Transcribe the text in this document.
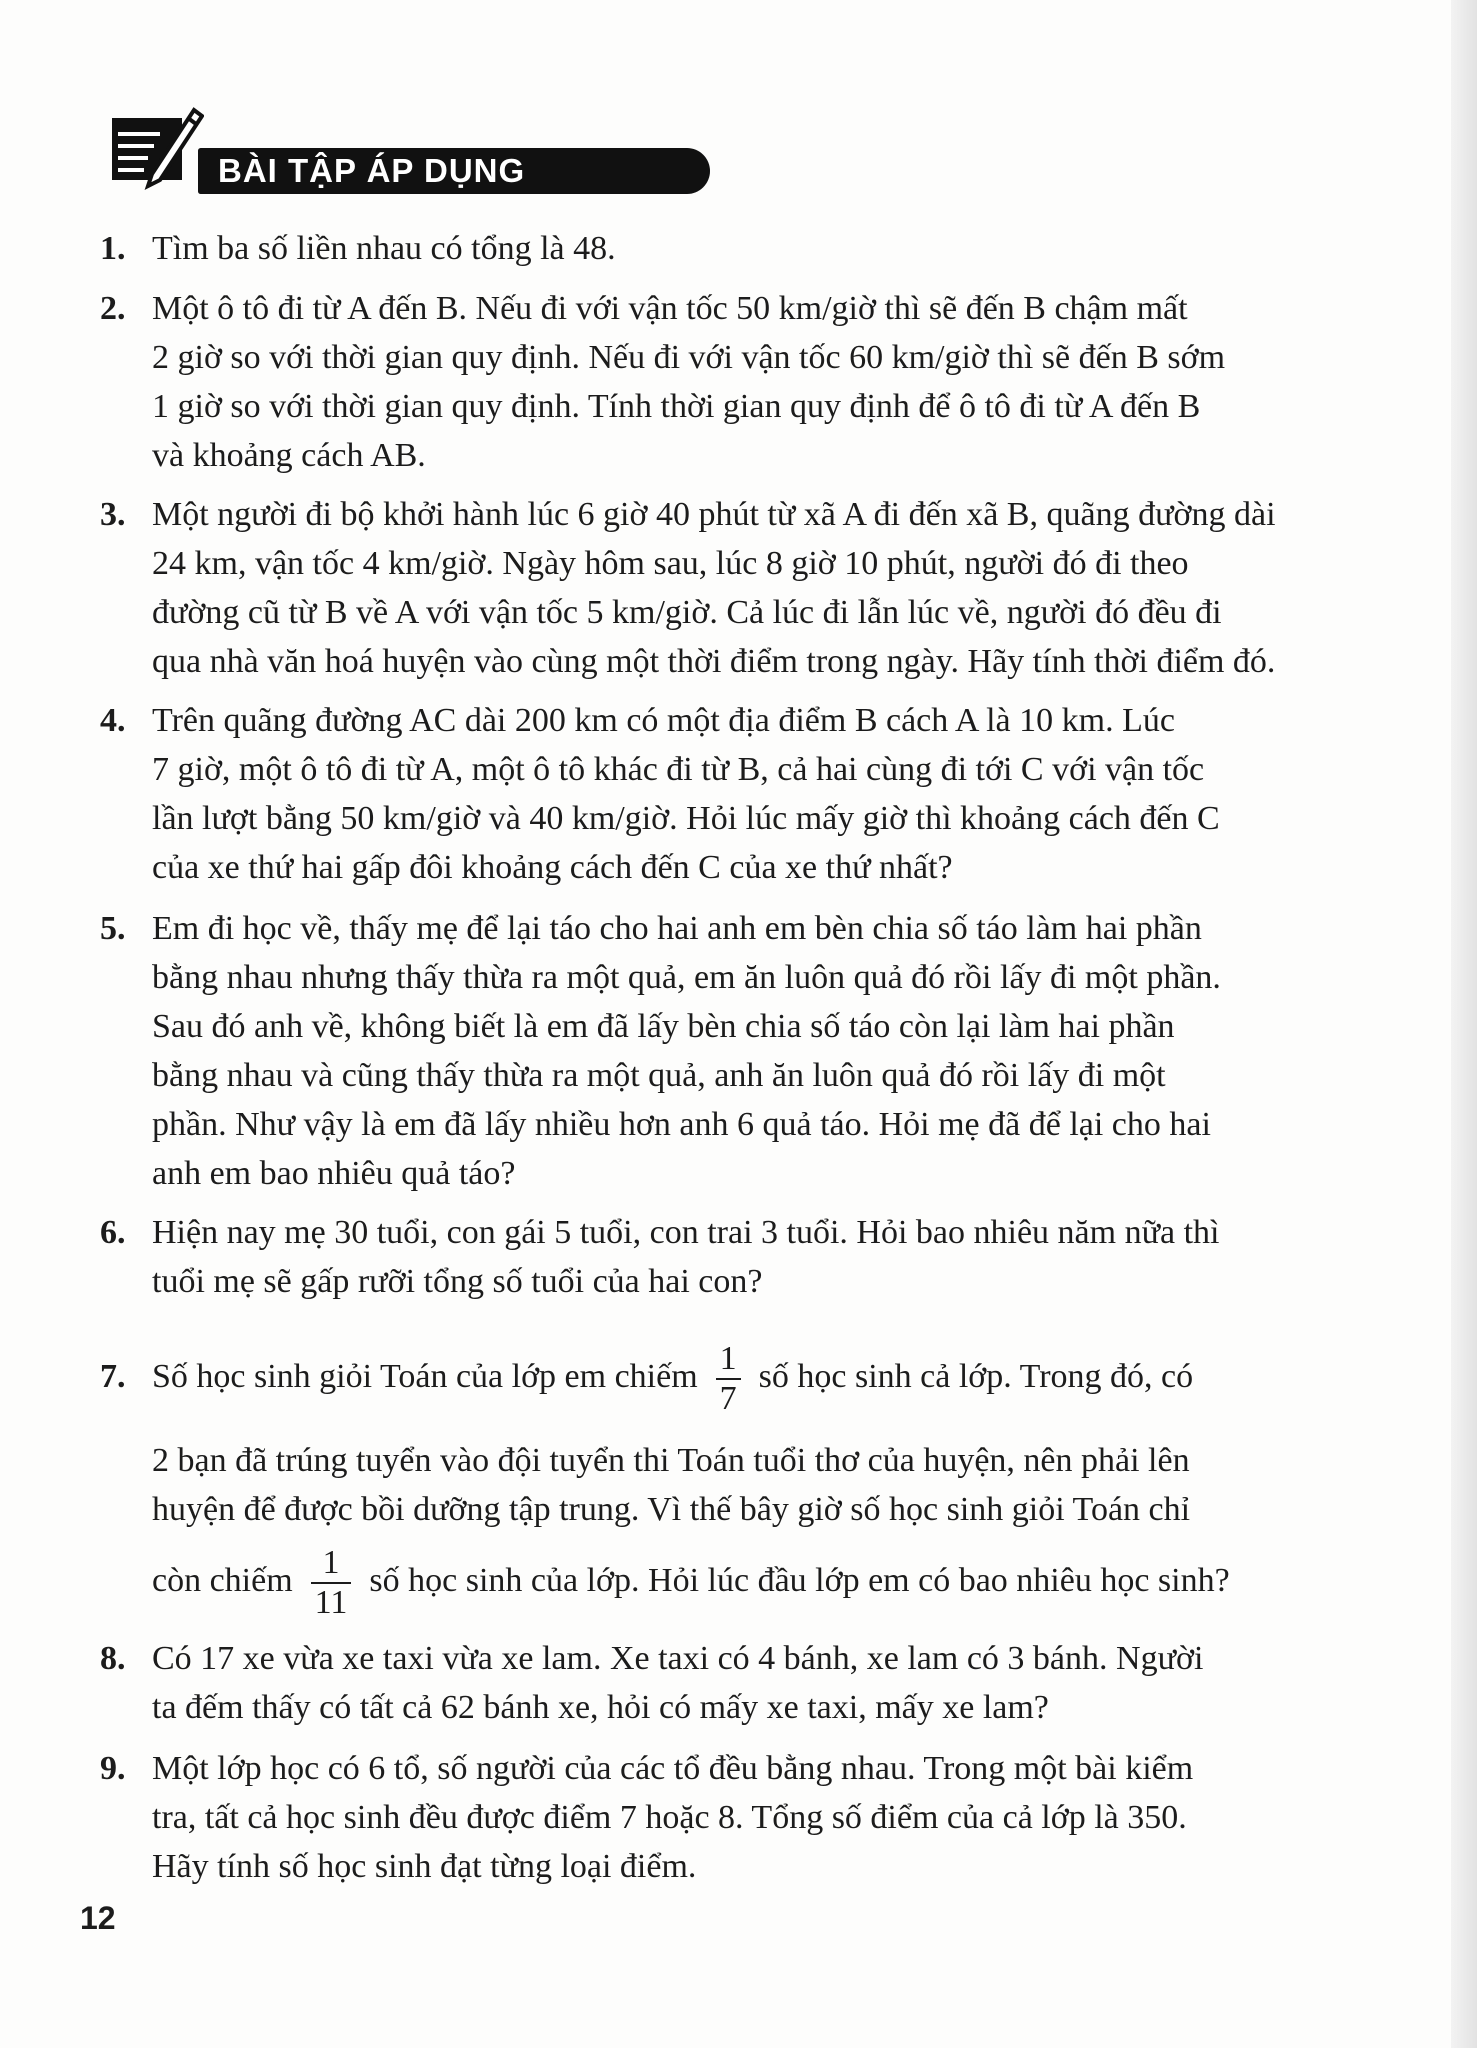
BÀI TẬP ÁP DỤNG
1. Tìm ba số liền nhau có tổng là 48.
2. Một ô tô đi từ A đến B. Nếu đi với vận tốc 50 km/giờ thì sẽ đến B chậm mất
2 giờ so với thời gian quy định. Nếu đi với vận tốc 60 km/giờ thì sẽ đến B sớm
1 giờ so với thời gian quy định. Tính thời gian quy định để ô tô đi từ A đến B
và khoảng cách AB.
3. Một người đi bộ khởi hành lúc 6 giờ 40 phút từ xã A đi đến xã B, quãng đường dài
24 km, vận tốc 4 km/giờ. Ngày hôm sau, lúc 8 giờ 10 phút, người đó đi theo
đường cũ từ B về A với vận tốc 5 km/giờ. Cả lúc đi lẫn lúc về, người đó đều đi
qua nhà văn hoá huyện vào cùng một thời điểm trong ngày. Hãy tính thời điểm đó.
4. Trên quãng đường AC dài 200 km có một địa điểm B cách A là 10 km. Lúc
7 giờ, một ô tô đi từ A, một ô tô khác đi từ B, cả hai cùng đi tới C với vận tốc
lần lượt bằng 50 km/giờ và 40 km/giờ. Hỏi lúc mấy giờ thì khoảng cách đến C
của xe thứ hai gấp đôi khoảng cách đến C của xe thứ nhất?
5. Em đi học về, thấy mẹ để lại táo cho hai anh em bèn chia số táo làm hai phần
bằng nhau nhưng thấy thừa ra một quả, em ăn luôn quả đó rồi lấy đi một phần.
Sau đó anh về, không biết là em đã lấy bèn chia số táo còn lại làm hai phần
bằng nhau và cũng thấy thừa ra một quả, anh ăn luôn quả đó rồi lấy đi một
phần. Như vậy là em đã lấy nhiều hơn anh 6 quả táo. Hỏi mẹ đã để lại cho hai
anh em bao nhiêu quả táo?
6. Hiện nay mẹ 30 tuổi, con gái 5 tuổi, con trai 3 tuổi. Hỏi bao nhiêu năm nữa thì
tuổi mẹ sẽ gấp rưỡi tổng số tuổi của hai con?
7. Số học sinh giỏi Toán của lớp em chiếm $\frac{1}{7}$ số học sinh cả lớp. Trong đó, có
2 bạn đã trúng tuyển vào đội tuyển thi Toán tuổi thơ của huyện, nên phải lên
huyện để được bồi dưỡng tập trung. Vì thế bây giờ số học sinh giỏi Toán chỉ
còn chiếm $\frac{1}{11}$ số học sinh của lớp. Hỏi lúc đầu lớp em có bao nhiêu học sinh?
8. Có 17 xe vừa xe taxi vừa xe lam. Xe taxi có 4 bánh, xe lam có 3 bánh. Người
ta đếm thấy có tất cả 62 bánh xe, hỏi có mấy xe taxi, mấy xe lam?
9. Một lớp học có 6 tổ, số người của các tổ đều bằng nhau. Trong một bài kiểm
tra, tất cả học sinh đều được điểm 7 hoặc 8. Tổng số điểm của cả lớp là 350.
Hãy tính số học sinh đạt từng loại điểm.
12
